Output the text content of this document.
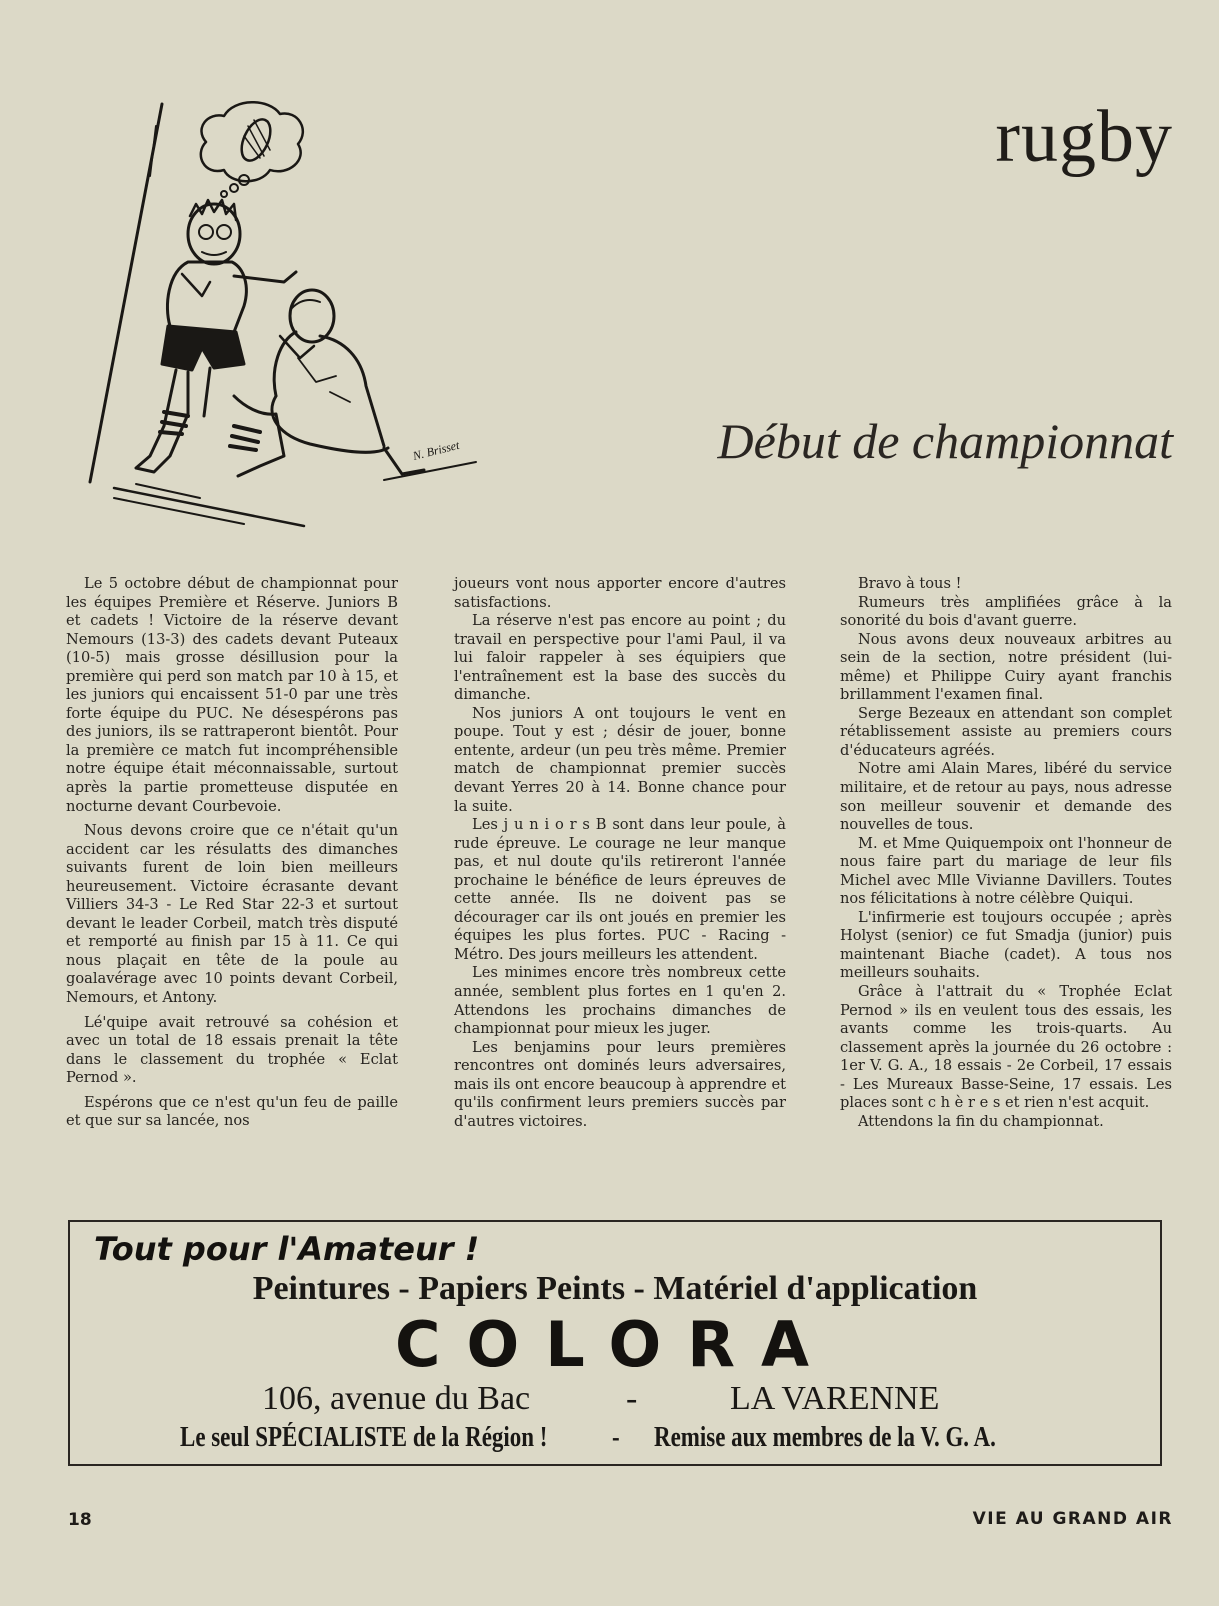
rugby
Début de championnat
N. Brisset

Le 5 octobre début de championnat pour les équipes Première et Réserve. Juniors B et cadets ! Victoire de la réserve devant Nemours (13-3) des cadets devant Puteaux (10-5) mais grosse désillusion pour la première qui perd son match par 10 à 15, et les juniors qui encaissent 51-0 par une très forte équipe du PUC. Ne désespérons pas des juniors, ils se rattraperont bientôt. Pour la première ce match fut incompréhensible notre équipe était méconnaissable, surtout après la partie prometteuse disputée en nocturne devant Courbevoie.

Nous devons croire que ce n'était qu'un accident car les résulatts des dimanches suivants furent de loin bien meilleurs heureusement. Victoire écrasante devant Villiers 34-3 - Le Red Star 22-3 et surtout devant le leader Corbeil, match très disputé et remporté au finish par 15 à 11. Ce qui nous plaçait en tête de la poule au goalavérage avec 10 points devant Corbeil, Nemours, et Antony.

Lé'quipe avait retrouvé sa cohésion et avec un total de 18 essais prenait la tête dans le classement du trophée « Eclat Pernod ».

Espérons que ce n'est qu'un feu de paille et que sur sa lancée, nos

joueurs vont nous apporter encore d'autres satisfactions.

La réserve n'est pas encore au point ; du travail en perspective pour l'ami Paul, il va lui faloir rappeler à ses équipiers que l'entraînement est la base des succès du dimanche.

Nos juniors A ont toujours le vent en poupe. Tout y est ; désir de jouer, bonne entente, ardeur (un peu très même. Premier match de championnat premier succès devant Yerres 20 à 14. Bonne chance pour la suite.

Les j u n i o r s B sont dans leur poule, à rude épreuve. Le courage ne leur manque pas, et nul doute qu'ils retireront l'année prochaine le bénéfice de leurs épreuves de cette année. Ils ne doivent pas se décourager car ils ont joués en premier les équipes les plus fortes. PUC - Racing - Métro. Des jours meilleurs les attendent.

Les minimes encore très nombreux cette année, semblent plus fortes en 1 qu'en 2. Attendons les prochains dimanches de championnat pour mieux les juger.

Les benjamins pour leurs premières rencontres ont dominés leurs adversaires, mais ils ont encore beaucoup à apprendre et qu'ils confirment leurs premiers succès par d'autres victoires.

Bravo à tous !

Rumeurs très amplifiées grâce à la sonorité du bois d'avant guerre.

Nous avons deux nouveaux arbitres au sein de la section, notre président (lui-même) et Philippe Cuiry ayant franchis brillamment l'examen final.

Serge Bezeaux en attendant son complet rétablissement assiste au premiers cours d'éducateurs agréés.

Notre ami Alain Mares, libéré du service militaire, et de retour au pays, nous adresse son meilleur souvenir et demande des nouvelles de tous.

M. et Mme Quiquempoix ont l'honneur de nous faire part du mariage de leur fils Michel avec Mlle Vivianne Davillers. Toutes nos félicitations à notre célèbre Quiqui.

L'infirmerie est toujours occupée ; après Holyst (senior) ce fut Smadja (junior) puis maintenant Biache (cadet). A tous nos meilleurs souhaits.

Grâce à l'attrait du « Trophée Eclat Pernod » ils en veulent tous des essais, les avants comme les trois-quarts. Au classement après la journée du 26 octobre : 1er V. G. A., 18 essais - 2e Corbeil, 17 essais - Les Mureaux Basse-Seine, 17 essais. Les places sont c h è r e s et rien n'est acquit.

Attendons la fin du championnat.

Tout pour l'Amateur !
Peintures - Papiers Peints - Matériel d'application
COLORA
106, avenue du Bac	-	LA VARENNE
Le seul SPÉCIALISTE de la Région ! - Remise aux membres de la V. G. A.
18	VIE AU GRAND AIR
